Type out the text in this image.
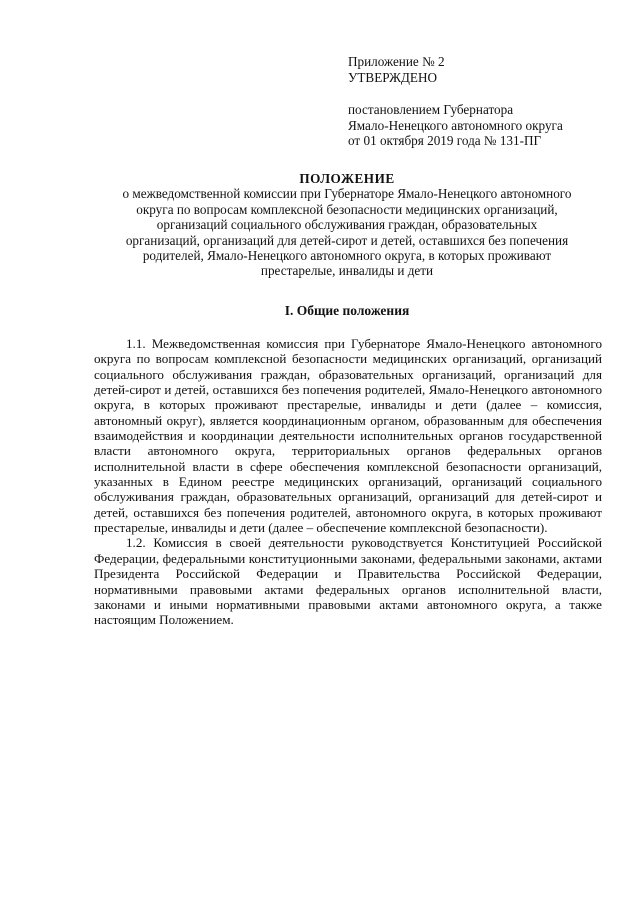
Приложение № 2
УТВЕРЖДЕНО
постановлением Губернатора
Ямало-Ненецкого автономного округа
от 01 октября 2019 года № 131-ПГ
ПОЛОЖЕНИЕ
о межведомственной комиссии при Губернаторе Ямало-Ненецкого автономного
округа по вопросам комплексной безопасности медицинских организаций,
организаций социального обслуживания граждан, образовательных
организаций, организаций для детей-сирот и детей, оставшихся без попечения
родителей, Ямало-Ненецкого автономного округа, в которых проживают
престарелые, инвалиды и дети
I. Общие положения

1.1. Межведомственная комиссия при Губернаторе Ямало-Ненецкого автономного округа по вопросам комплексной безопасности медицинских организаций, организаций социального обслуживания граждан, образовательных организаций, организаций для детей-сирот и детей, оставшихся без попечения родителей, Ямало-Ненецкого автономного округа, в которых проживают престарелые, инвалиды и дети (далее – комиссия, автономный округ), является координационным органом, образованным для обеспечения взаимодействия и координации деятельности исполнительных органов государственной власти автономного округа, территориальных органов федеральных органов исполнительной власти в сфере обеспечения комплексной безопасности организаций, указанных в Едином реестре медицинских организаций, организаций социального обслуживания граждан, образовательных организаций, организаций для детей-сирот и детей, оставшихся без попечения родителей, автономного округа, в которых проживают престарелые, инвалиды и дети (далее – обеспечение комплексной безопасности).

1.2. Комиссия в своей деятельности руководствуется Конституцией Российской Федерации, федеральными конституционными законами, федеральными законами, актами Президента Российской Федерации и Правительства Российской Федерации, нормативными правовыми актами федеральных органов исполнительной власти, законами и иными нормативными правовыми актами автономного округа, а также настоящим Положением.
